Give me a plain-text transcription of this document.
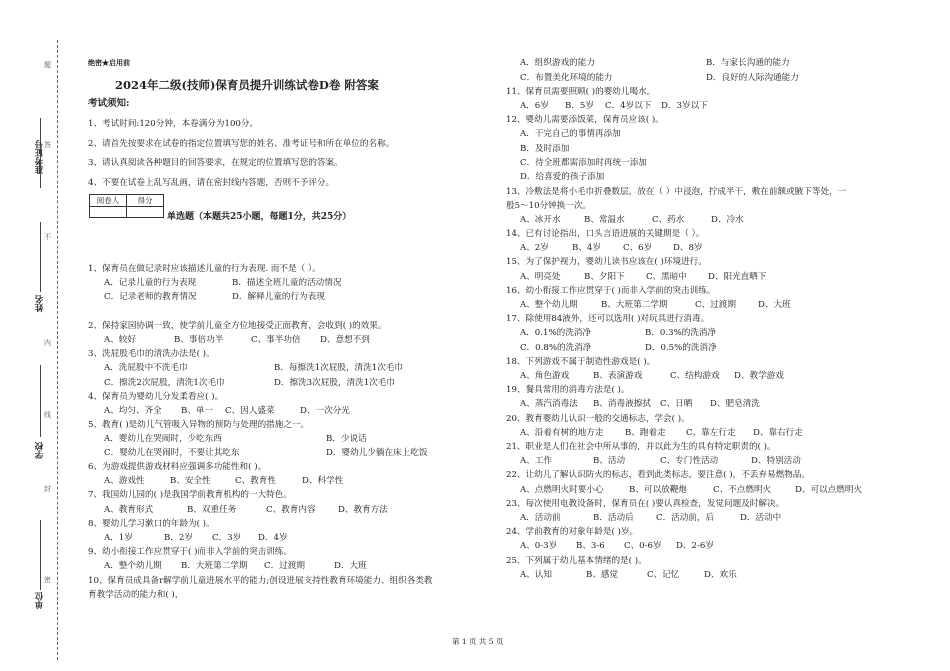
准考证号
姓名
学校
单位
题
答
不
内
线
封
密
绝密★启用前
2024年二级(技师)保育员提升训练试卷D卷 附答案
考试须知:
1、考试时间:120分钟，本卷满分为100分。
2、请首先按要求在试卷的指定位置填写您的姓名、准考证号和所在单位的名称。
3、请认真阅读各种题目的回答要求，在规定的位置填写您的答案。
4、不要在试卷上乱写乱画，请在密封线内答题，否则不予评分。
阅卷人	得分

单选题（本题共25小题，每题1分，共25分）
1、保育员在做记录时应该描述儿童的行为表现. 而不是（ ）。
A．记录儿童的行为表现	B．描述全班儿童的活动情况
C．记录老师的教育情况	D．解释儿童的行为表现
2、保持家园协调一致，使学前儿童全方位地接受正面教育，会收到( )的效果。
A、较好	B、事倍功半	C、事半功倍 D、意想不到
3、洗屁股毛巾的清洗办法是( )。
A．洗屁股中不洗毛巾	B．每擦洗1次屁股，清洗1次毛巾
C．擦洗2次屁股，清洗1次毛巾	D．擦洗3次屁股，清洗1次毛巾
4、保育员为婴幼儿分发柔看应( )。
A、均匀、齐全 B、单一 C、因人盛菜	D、一次分光
5、教育( )是幼儿气管吸入异物的预防与处理的措施之一。
A．婴幼儿在哭闹时，少吃东西	B．少说话
C．婴幼儿在哭闹时，不要让其吃东	D．婴幼儿少躺在床上吃饭
6、为游戏提供游戏材料应强调多功能性和( )。
A、游戏性	B、安全性	C、教育性	D、科学性
7、我国幼儿园的( )是我国学前教育机构的一大特色。
A、教育形式	B、双重任务	C、教育内容	D、教育方法
8、婴幼儿学习漱口的年龄为( )。
A．1岁	B．2岁 C．3岁 D．4岁
9、幼小衔接工作应贯穿于( )而非入学前的突击训练。
A．整个幼儿期 B．大班第二学期 C．过渡期	D．大班
10、保育员成具备r解学前儿童进展水平的能力;创设进展支持性教育环境能力、组织各类教
育教学活动的能力和( )，
A．组织游戏的能力	B．与家长沟通的能力
C．布置美化环境的能力	D．良好的人际沟通能力
11、保育员需要照顾( )的婴幼儿喝水。
A．6岁 B．5岁 C．4岁以下 D．3岁以下
12、婴幼儿需要添饭菜，保育员应该( )。
A．干完自己的事情再添加
B．及时添加
C．待全班都需添加时再统一添加
D．给喜爱的孩子添加
13、冷敷法是将小毛巾折叠数层，放在（ ）中浸泡，拧成半干，敷在前额或腋下等处，一
般5～10分钟换一次。
A、冰开水	B、常温水	C、药水	D、冷水
14、已有讨论指出，口头言语进展的关键期是（ ）。
A、2岁	B、4岁	C、6岁 D、8岁
15、为了保护视力，婴幼儿读书应该在( )环境进行。
A、明亮处	B、夕阳下 C、黑暗中 D、阳光直晒下
16、幼小衔接工作应贯穿于( )而非入学前的突击训练。
A、整个幼儿期	B、大班第二学期	C、过渡期	D、大班
17、除使用84液外，还可以选用( )对玩具进行消毒。
A．0.1%的洗消净	B．0.3%的洗消净
C．0.8%的洗消净	D．0.5%的洗消净
18、下列游戏不属于制造性游戏是( )。
A、角色游戏	B、表演游戏	C、结构游戏 D、教学游戏
19、餐具常用的消毒方法是( )。
A、蒸汽消毒法 B、消毒液擦拭 C、日晒 D、肥皂清洗
20、教育婴幼儿认识一般的交通标志，学会( )。
A、沿着有树的地方走 B、跑着走 C、靠左行走 D、靠右行走
21、职业是人们在社会中所从事的，并以此为生的具有特定职责的( )。
A、工作	B、活动	C、专门性活动	D、特别活动
22、让幼儿了解认识防火的标志，看到此类标志，要注意( )，不丢弃易燃物品。
A、点燃明火时要小心	B、可以放鞭炮	C、不点燃明火	D、可以点燃明火
23、每次使用电教设备时，保育员在( )要认真检查，发觉问题及时解决。
A．活动前	B．活动后	C．活动前，后	D．活动中
24、学前教育的对象年龄是( )岁。
A、0-3岁 B、3-6 C、0-6岁 D、2-6岁
25、下列属于幼儿基本情绪的是( )。
A、认知	B、感觉	C、记忆	D、欢乐
第 1 页 共 5 页
